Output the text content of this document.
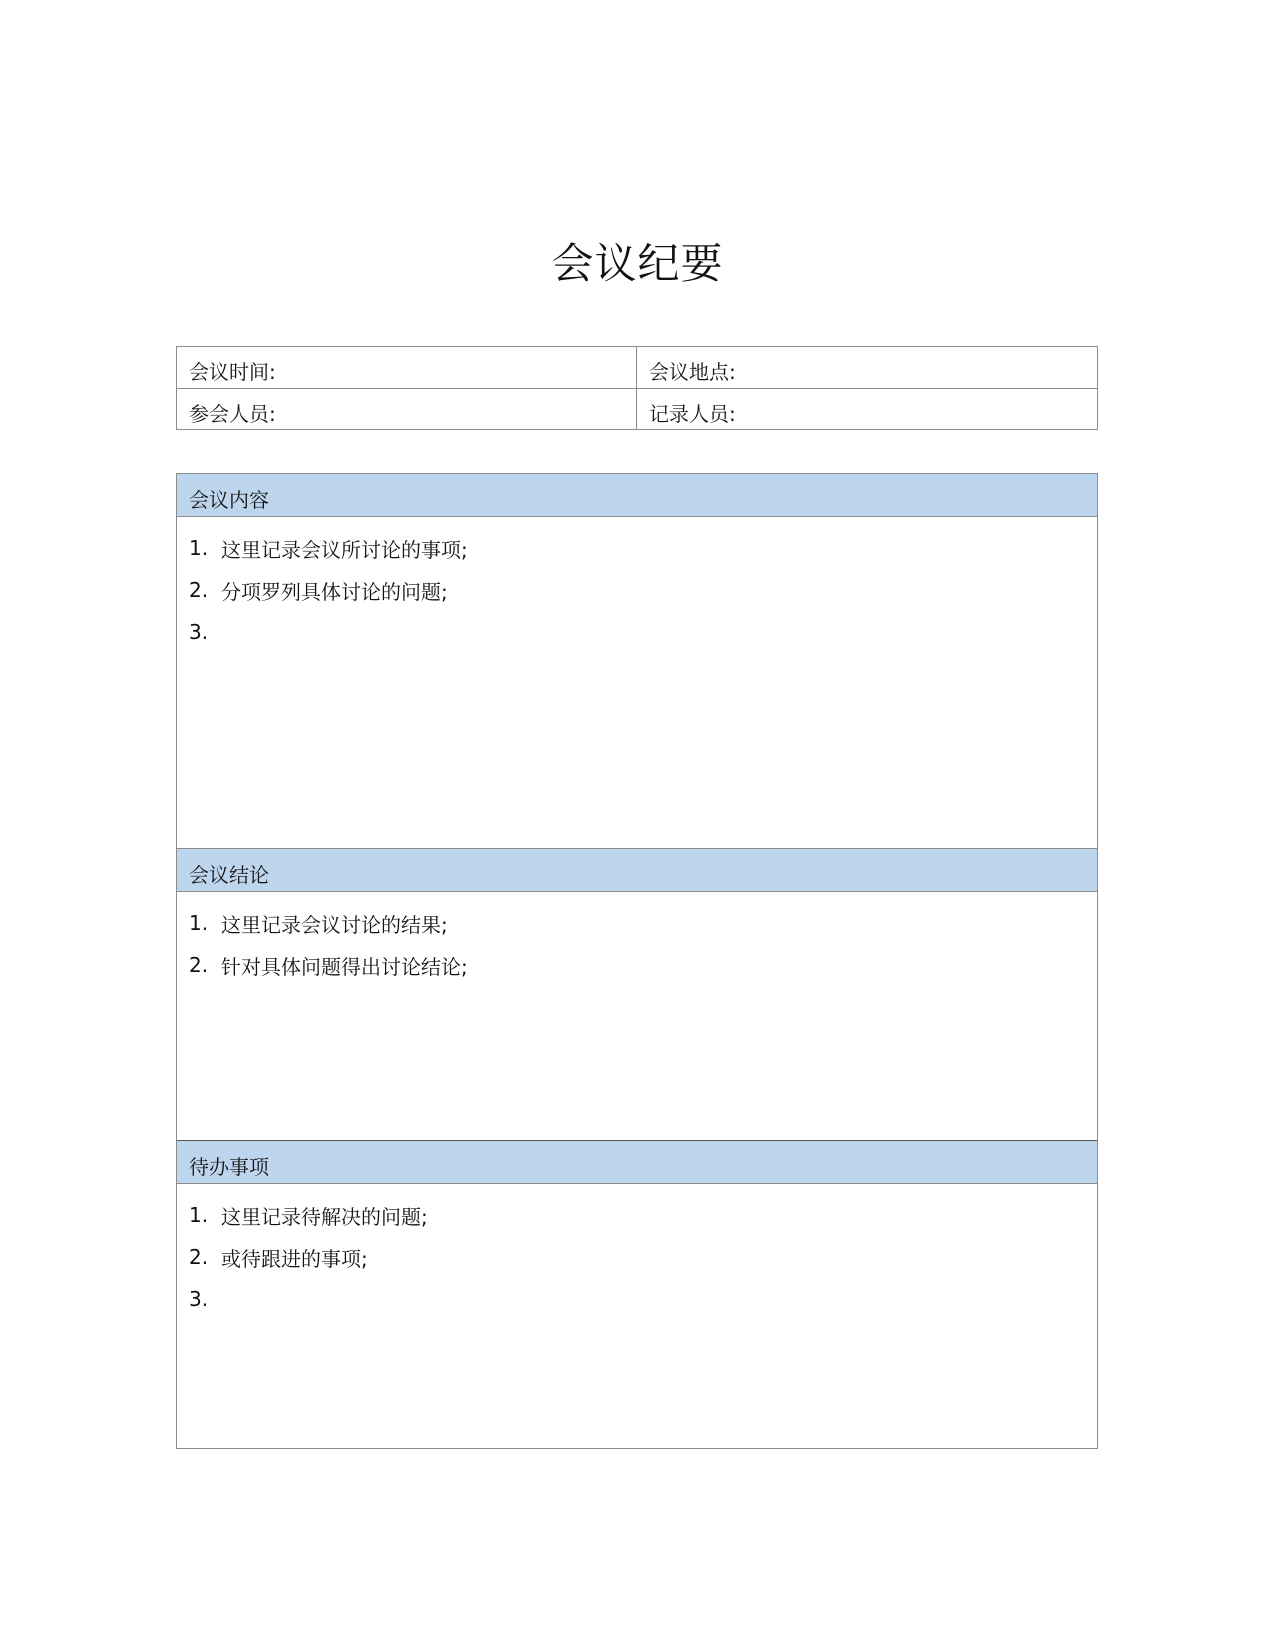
会议纪要
会议时间:	会议地点:
参会人员:	记录人员:
会议内容
1. 这里记录会议所讨论的事项;
2. 分项罗列具体讨论的问题;
3.
会议结论
1. 这里记录会议讨论的结果;
2. 针对具体问题得出讨论结论;
待办事项
1. 这里记录待解决的问题;
2. 或待跟进的事项;
3.
